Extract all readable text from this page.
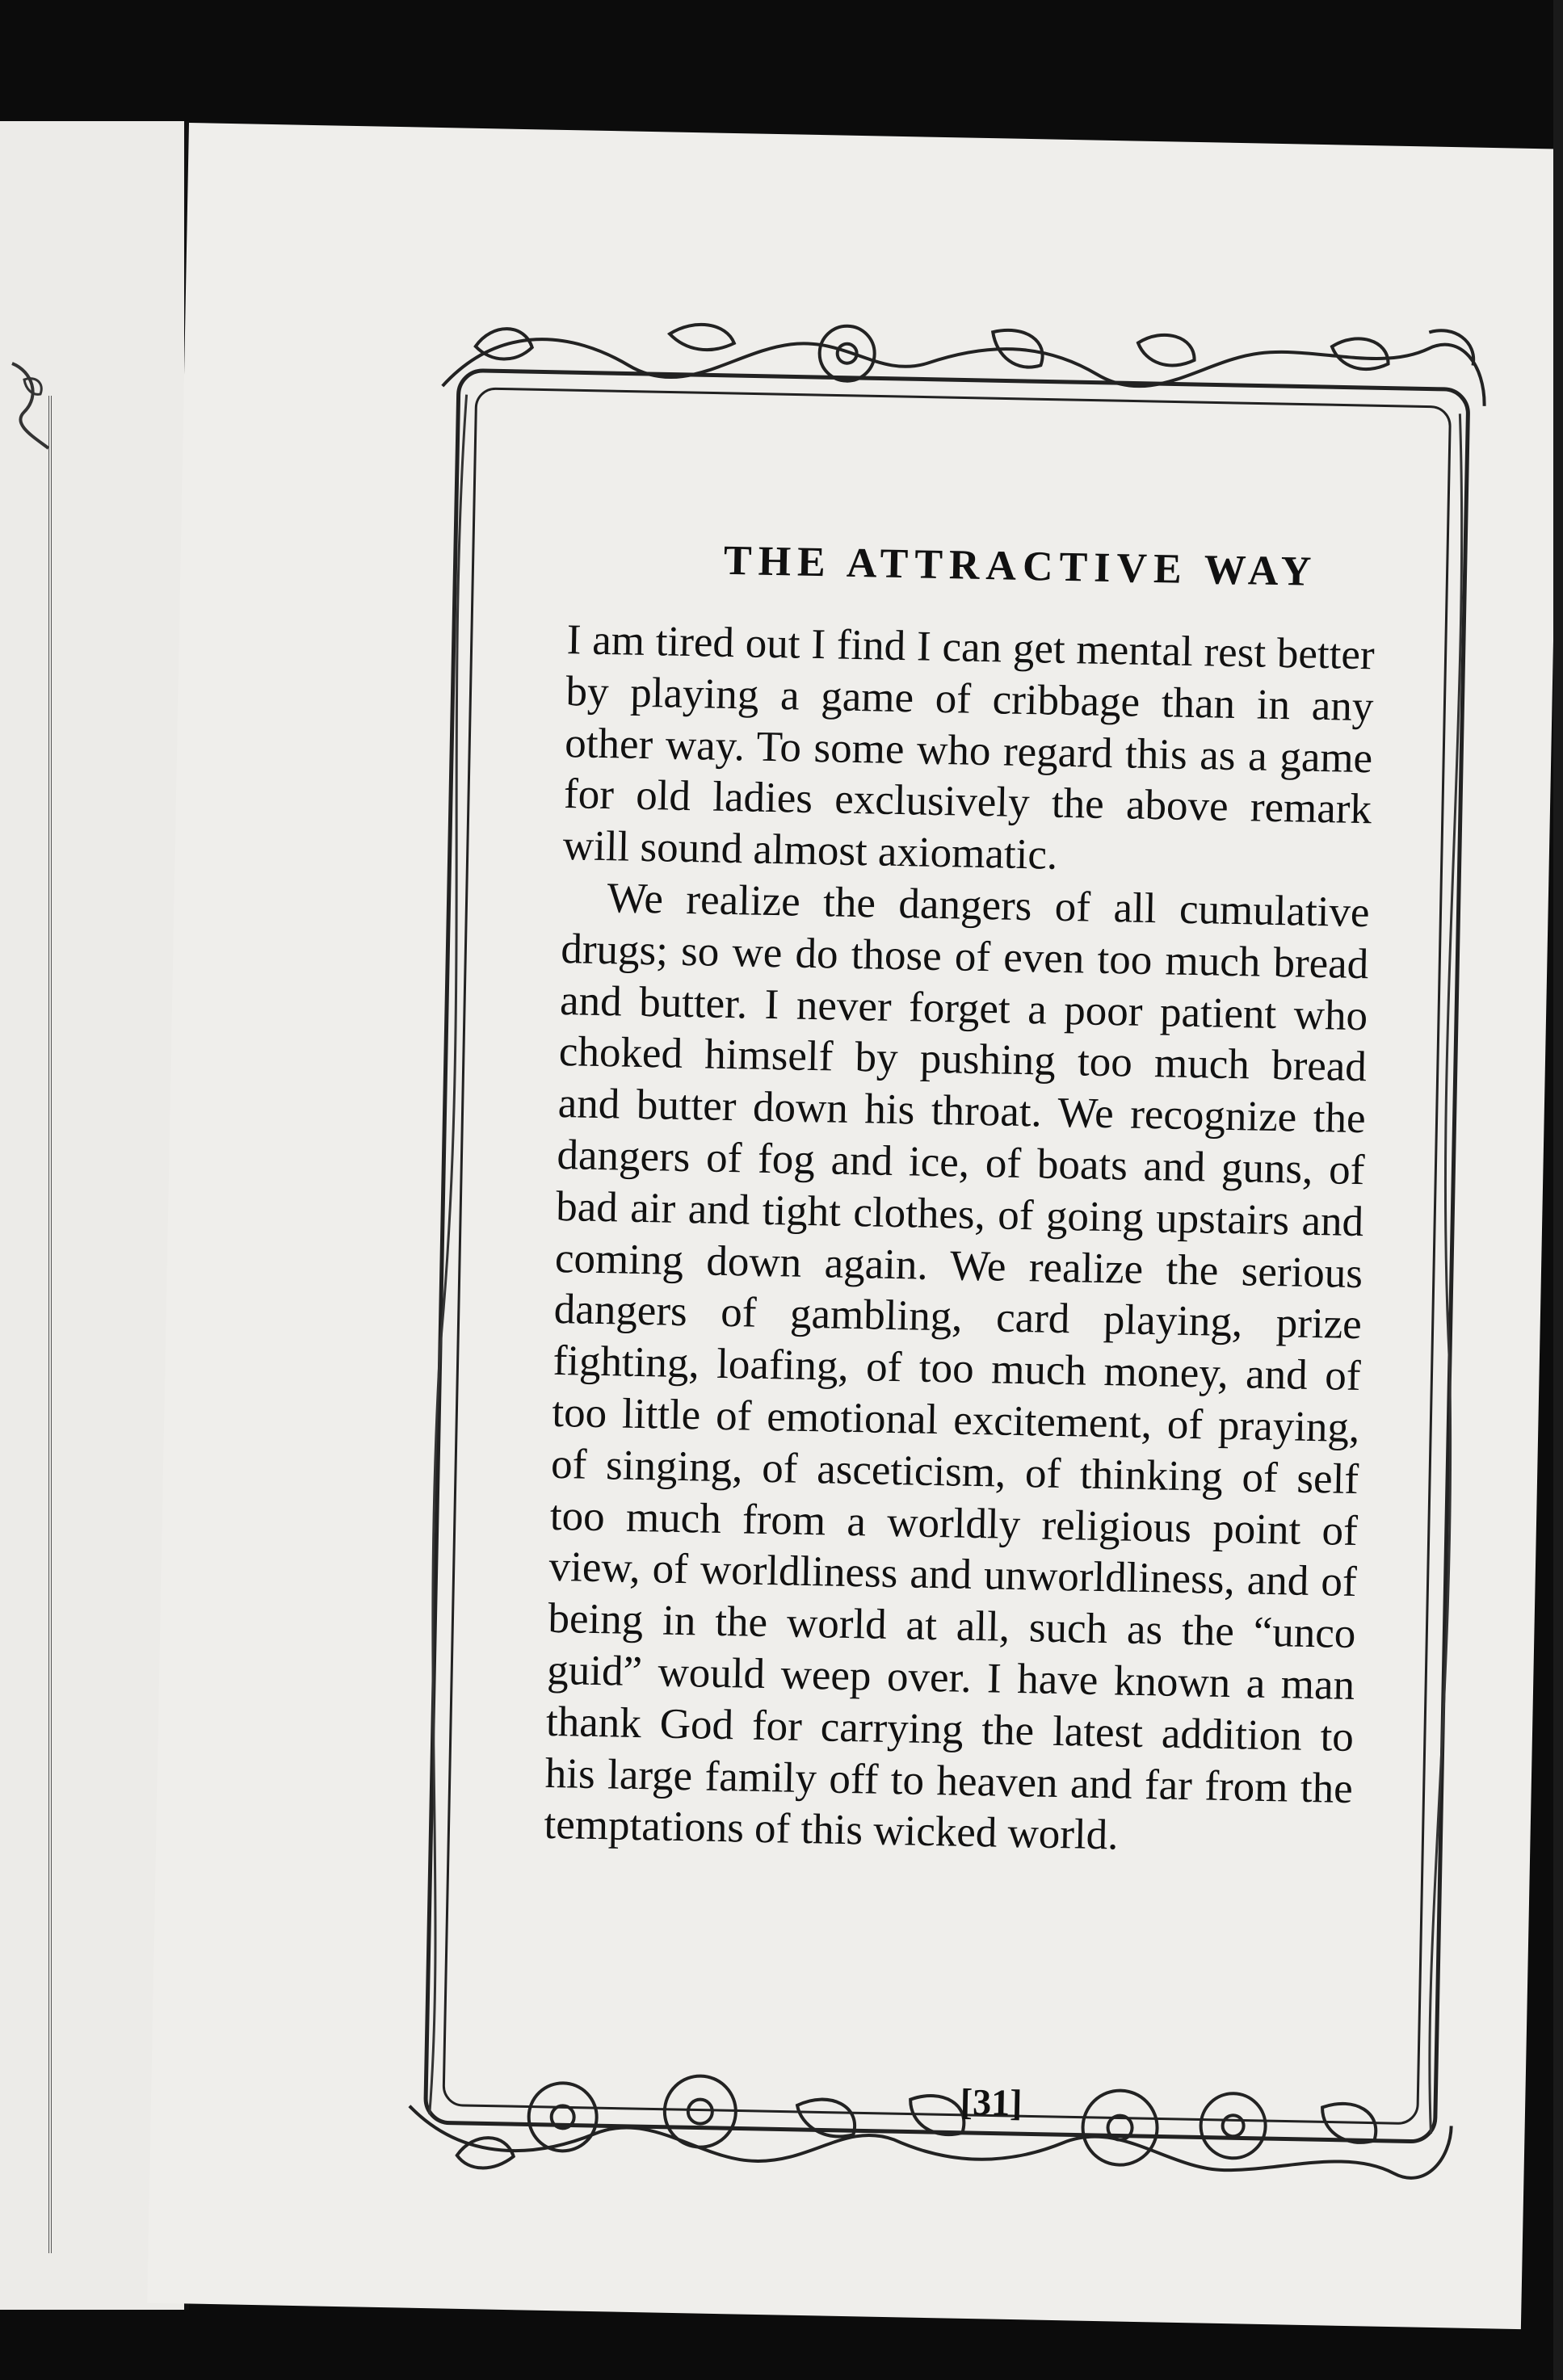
THE ATTRACTIVE WAY

I am tired out I find I can get mental rest better by playing a game of cribbage than in any other way. To some who regard this as a game for old ladies exclusively the above remark will sound almost axiomatic.

We realize the dangers of all cumulative drugs; so we do those of even too much bread and butter. I never forget a poor patient who choked himself by pushing too much bread and butter down his throat. We recognize the dangers of fog and ice, of boats and guns, of bad air and tight clothes, of going upstairs and coming down again. We realize the serious dangers of gambling, card playing, prize fighting, loafing, of too much money, and of too little of emotional excitement, of praying, of singing, of asceticism, of thinking of self too much from a worldly religious point of view, of worldliness and unworldliness, and of being in the world at all, such as the “unco guid” would weep over. I have known a man thank God for carrying the latest addition to his large family off to heaven and far from the temptations of this wicked world.

[31]
